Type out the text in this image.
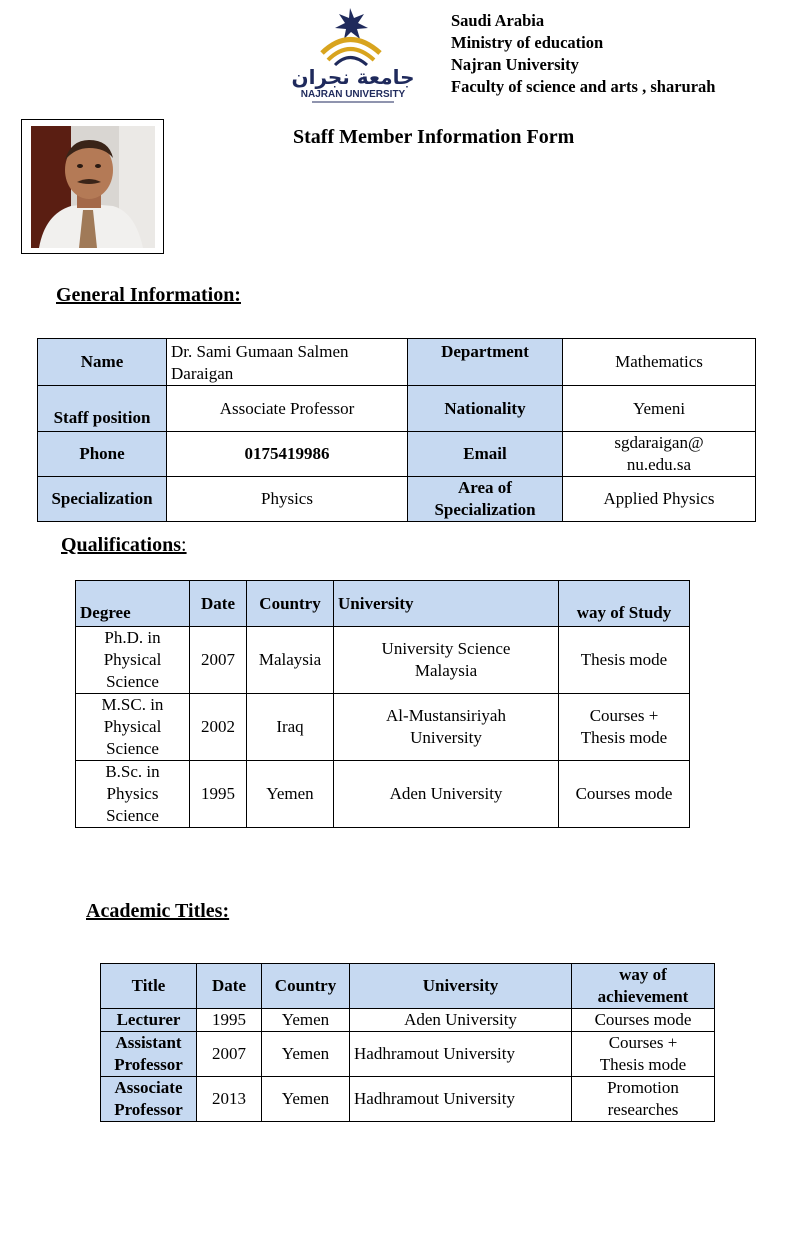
جامعة نجران
NAJRAN UNIVERSITY
Saudi Arabia
Ministry of education
Najran University
Faculty of science and arts , sharurah
Staff Member Information Form
General Information:
Name	Dr. Sami Gumaan Salmen Daraigan	Department	Mathematics
Staff position	Associate Professor	Nationality	Yemeni
Phone	0175419986	Email	sgdaraigan@ nu.edu.sa
Specialization	Physics	Area of Specialization	Applied Physics
Qualifications:
Degree	Date	Country	University	way of Study
Ph.D. in Physical Science	2007	Malaysia	University Science Malaysia	Thesis mode
M.SC. in Physical Science	2002	Iraq	Al-Mustansiriyah University	Courses + Thesis mode
B.Sc. in Physics Science	1995	Yemen	Aden University	Courses mode
Academic Titles:
Title	Date	Country	University	way of achievement
Lecturer	1995	Yemen	Aden University	Courses mode
Assistant Professor	2007	Yemen	Hadhramout University	Courses + Thesis mode
Associate Professor	2013	Yemen	Hadhramout University	Promotion researches
